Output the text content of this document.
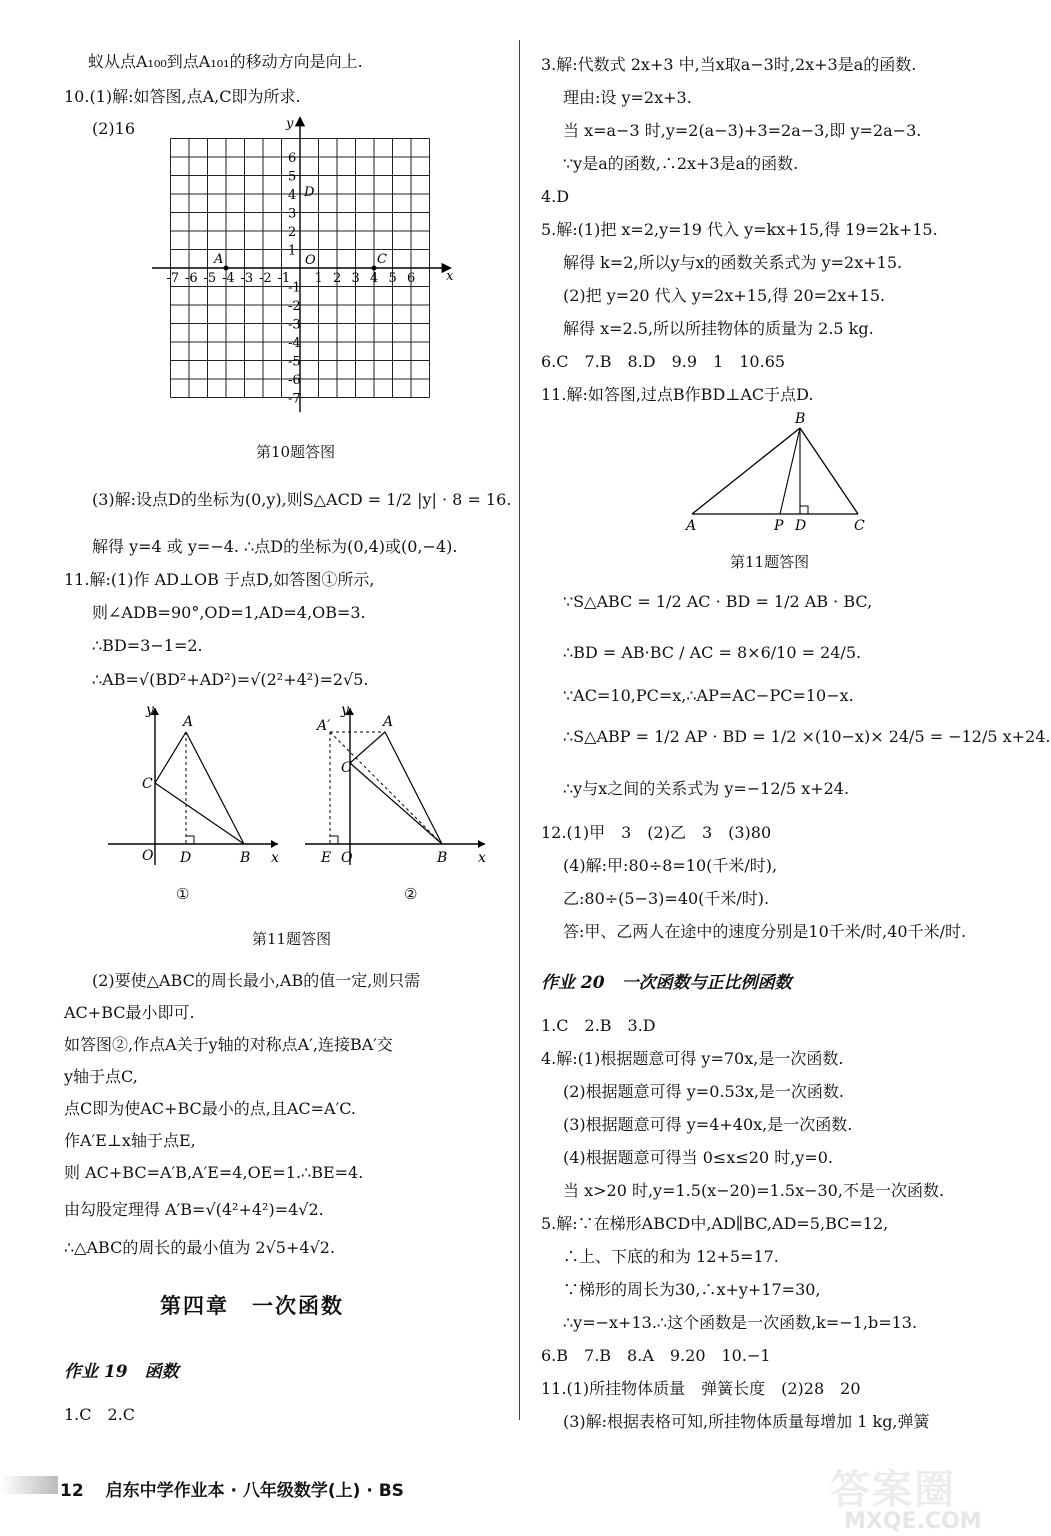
蚁从点A₁₀₀到点A₁₀₁的移动方向是向上.
10.(1)解:如答图,点A,C即为所求.
(2)16
-7 -6 -5 -4 -3 -2 -1 1 2 3 4 5 6
-7
-6
-5
-4
-3
-2
-1
1
2
3
4
5
6
O
x
y
A	C
D
第10题答图
(3)解:设点D的坐标为(0,y),则S△ACD = 1/2 |y| · 8 = 16.
解得 y=4 或 y=−4. ∴点D的坐标为(0,4)或(0,−4).
11.解:(1)作 AD⊥OB 于点D,如答图①所示,
则∠ADB=90°,OD=1,AD=4,OB=3.
∴BD=3−1=2.
∴AB=√(BD²+AD²)=√(2²+4²)=2√5.
y
A
C
O D	B x
①
y
A
A′
C
E O	B x
②
第11题答图
(2)要使△ABC的周长最小,AB的值一定,则只需
AC+BC最小即可.
如答图②,作点A关于y轴的对称点A′,连接BA′交
y轴于点C,
点C即为使AC+BC最小的点,且AC=A′C.
作A′E⊥x轴于点E,
则 AC+BC=A′B,A′E=4,OE=1.∴BE=4.
由勾股定理得 A′B=√(4²+4²)=4√2.
∴△ABC的周长的最小值为 2√5+4√2.
第四章　一次函数
作业 19　函数
1.C　2.C
3.解:代数式 2x+3 中,当x取a−3时,2x+3是a的函数.
理由:设 y=2x+3.
当 x=a−3 时,y=2(a−3)+3=2a−3,即 y=2a−3.
∵y是a的函数,∴2x+3是a的函数.
4.D
5.解:(1)把 x=2,y=19 代入 y=kx+15,得 19=2k+15.
解得 k=2,所以y与x的函数关系式为 y=2x+15.
(2)把 y=20 代入 y=2x+15,得 20=2x+15.
解得 x=2.5,所以所挂物体的质量为 2.5 kg.
6.C　7.B　8.D　9.9　1　10.65
11.解:如答图,过点B作BD⊥AC于点D.
B
A	P D	C
第11题答图
∵S△ABC = 1/2 AC · BD = 1/2 AB · BC,
∴BD = AB·BC / AC = 8×6/10 = 24/5.
∵AC=10,PC=x,∴AP=AC−PC=10−x.
∴S△ABP = 1/2 AP · BD = 1/2 ×(10−x)× 24/5 = −12/5 x+24.
∴y与x之间的关系式为 y=−12/5 x+24.
12.(1)甲　3　(2)乙　3　(3)80
(4)解:甲:80÷8=10(千米/时),
乙:80÷(5−3)=40(千米/时).
答:甲、乙两人在途中的速度分别是10千米/时,40千米/时.
作业 20　一次函数与正比例函数
1.C　2.B　3.D
4.解:(1)根据题意可得 y=70x,是一次函数.
(2)根据题意可得 y=0.53x,是一次函数.
(3)根据题意可得 y=4+40x,是一次函数.
(4)根据题意可得当 0≤x≤20 时,y=0.
当 x>20 时,y=1.5(x−20)=1.5x−30,不是一次函数.
5.解:∵在梯形ABCD中,AD∥BC,AD=5,BC=12,
∴上、下底的和为 12+5=17.
∵梯形的周长为30,∴x+y+17=30,
∴y=−x+13.∴这个函数是一次函数,k=−1,b=13.
6.B　7.B　8.A　9.20　10.−1
11.(1)所挂物体质量　弹簧长度　(2)28　20
(3)解:根据表格可知,所挂物体质量每增加 1 kg,弹簧
12 启东中学作业本 · 八年级数学(上) · BS	答案圈
MXQE.COM
